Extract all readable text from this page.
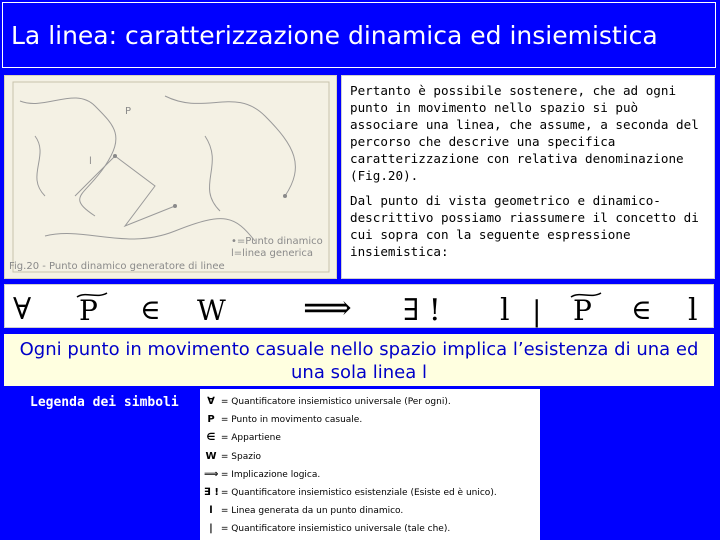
La linea: caratterizzazione dinamica ed insiemistica
P
l
•=Punto dinamico
l=linea generica
Fig.20 - Punto dinamico generatore di linee

Pertanto è possibile sostenere, che ad ogni punto in movimento nello spazio si può associare una linea, che assume, a seconda del percorso che descrive una specifica caratterizzazione con relativa denominazione (Fig.20).

Dal punto di vista geometrico e dinamico-descrittivo possiamo riassumere il concetto di cui sopra con la seguente espressione insiemistica:

∀ P ∈ W ⟹ ∃ ! l | P ∈ l
Ogni punto in movimento casuale nello spazio implica l’esistenza di una ed una sola linea l
Legenda dei simboli	∀ = Quantificatore insiemistico universale (Per ogni).
P = Punto in movimento casuale.
∈ = Appartiene
W = Spazio
⟹ = Implicazione logica.
∃ ! = Quantificatore insiemistico esistenziale (Esiste ed è unico).
l = Linea generata da un punto dinamico.
| = Quantificatore insiemistico universale (tale che).
